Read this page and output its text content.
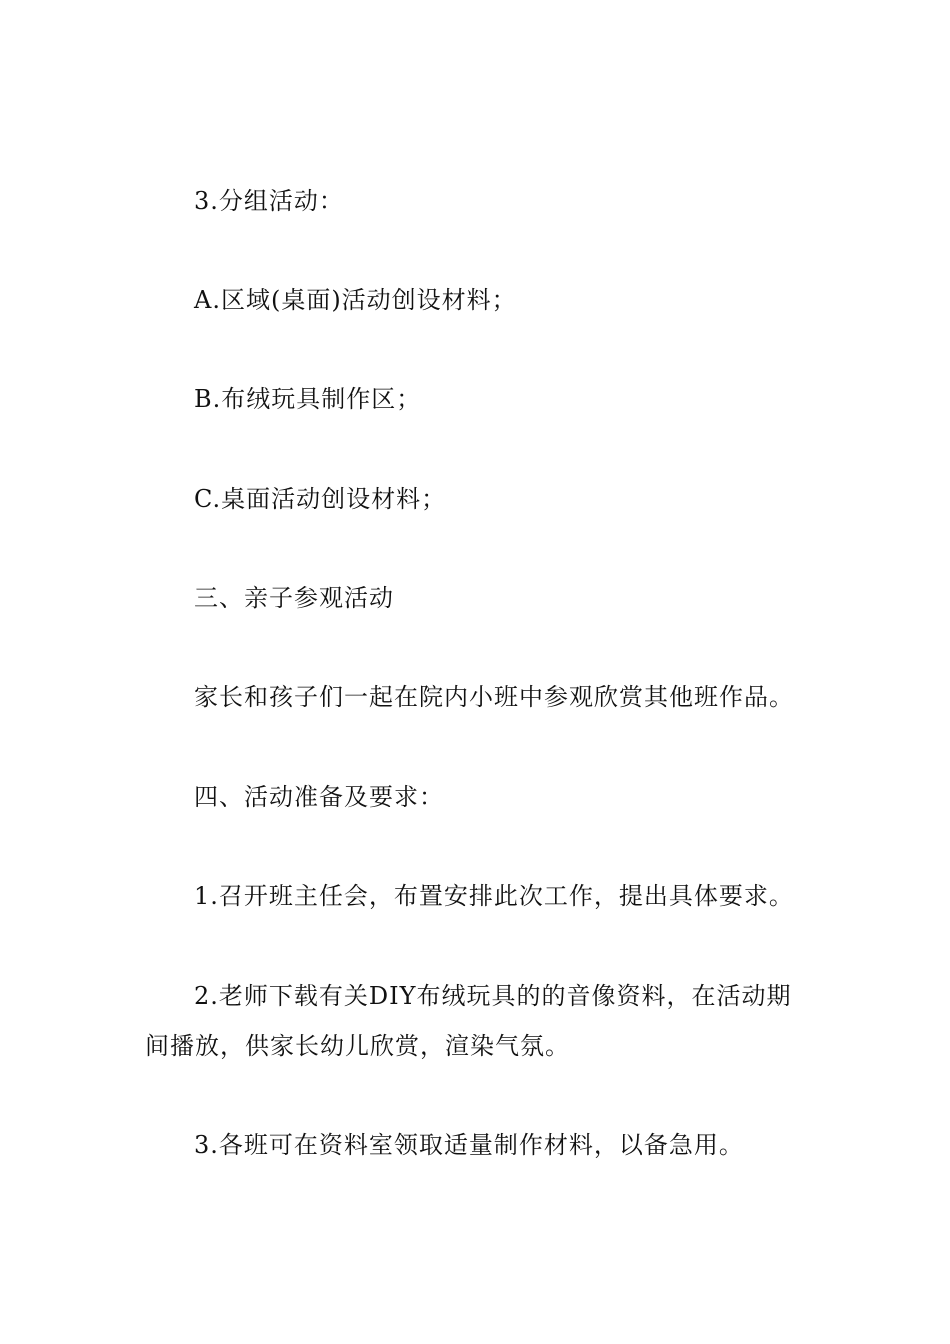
3.分组活动：

A.区域(桌面)活动创设材料；

B.布绒玩具制作区；

C.桌面活动创设材料；

三、亲子参观活动

家长和孩子们一起在院内小班中参观欣赏其他班作品。

四、活动准备及要求：

1.召开班主任会，布置安排此次工作，提出具体要求。

2.老师下载有关DIY布绒玩具的的音像资料，在活动期间播放，供家长幼儿欣赏，渲染气氛。

3.各班可在资料室领取适量制作材料，以备急用。
